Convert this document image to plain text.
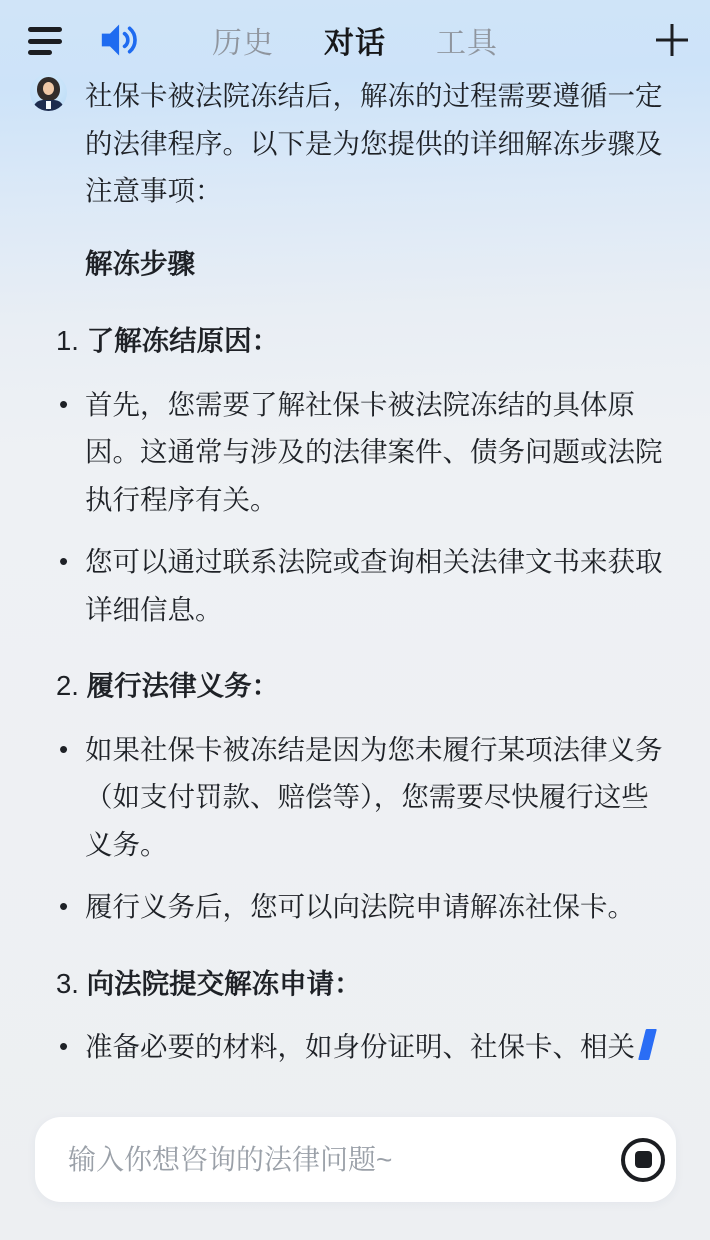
历史 对话 工具
社保卡被法院冻结后，解冻的过程需要遵循一定的法律程序。以下是为您提供的详细解冻步骤及注意事项：
解冻步骤
1. 了解冻结原因：
• 首先，您需要了解社保卡被法院冻结的具体原因。这通常与涉及的法律案件、债务问题或法院执行程序有关。
• 您可以通过联系法院或查询相关法律文书来获取详细信息。
2. 履行法律义务：
• 如果社保卡被冻结是因为您未履行某项法律义务（如支付罚款、赔偿等），您需要尽快履行这些义务。
• 履行义务后，您可以向法院申请解冻社保卡。
3. 向法院提交解冻申请：
• 准备必要的材料，如身份证明、社保卡、相关
输入你想咨询的法律问题~
